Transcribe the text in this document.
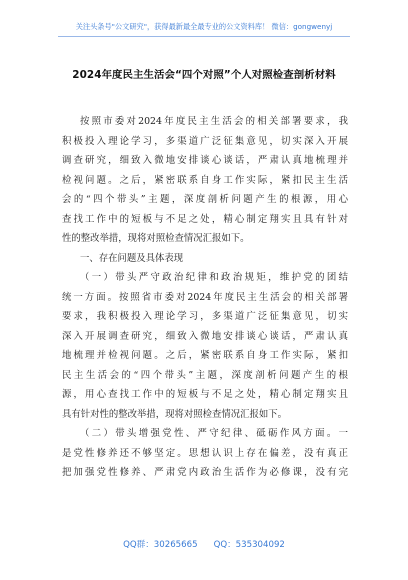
关注头条号"公文研究"，获得最新最全最专业的公文资料库！ 微信：gongwenyj
2024年度民主生活会“四个对照”个人对照检查剖析材料
按照市委对2024年度民主生活会的相关部署要求，我
积极投入理论学习，多渠道广泛征集意见，切实深入开展
调查研究，细致入微地安排谈心谈话，严肃认真地梳理并
检视问题。之后，紧密联系自身工作实际，紧扣民主生活
会的“四个带头”主题，深度剖析问题产生的根源，用心
查找工作中的短板与不足之处，精心制定翔实且具有针对
性的整改举措，现将对照检查情况汇报如下。
一、存在问题及具体表现
（一）带头严守政治纪律和政治规矩，维护党的团结
统一方面。按照省市委对2024年度民主生活会的相关部署
要求，我积极投入理论学习，多渠道广泛征集意见，切实
深入开展调查研究，细致入微地安排谈心谈话，严肃认真
地梳理并检视问题。之后，紧密联系自身工作实际，紧扣
民主生活会的“四个带头”主题，深度剖析问题产生的根
源，用心查找工作中的短板与不足之处，精心制定翔实且
具有针对性的整改举措，现将对照检查情况汇报如下。
（二）带头增强党性、严守纪律、砥砺作风方面。一
是党性修养还不够坚定。思想认识上存在偏差，没有真正
把加强党性修养、严肃党内政治生活作为必修课，没有完
QQ群：30265665 QQ：535304092
